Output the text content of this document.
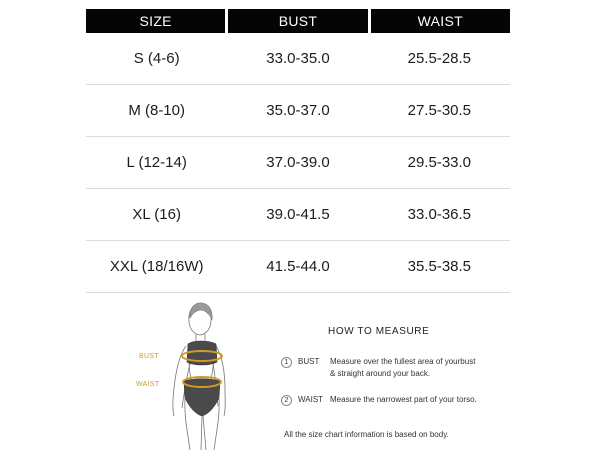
SIZE	BUST	WAIST
S (4-6)	33.0-35.0	25.5-28.5
M (8-10)	35.0-37.0	27.5-30.5
L (12-14)	37.0-39.0	29.5-33.0
XL (16)	39.0-41.5	33.0-36.5
XXL (18/16W)	41.5-44.0	35.5-38.5
BUST
WAIST
HOW TO MEASURE
1 BUST Measure over the fullest area of yourbust
& straight around your back.
2 WAIST Measure the narrowest part of your torso.
All the size chart information is based on body.
